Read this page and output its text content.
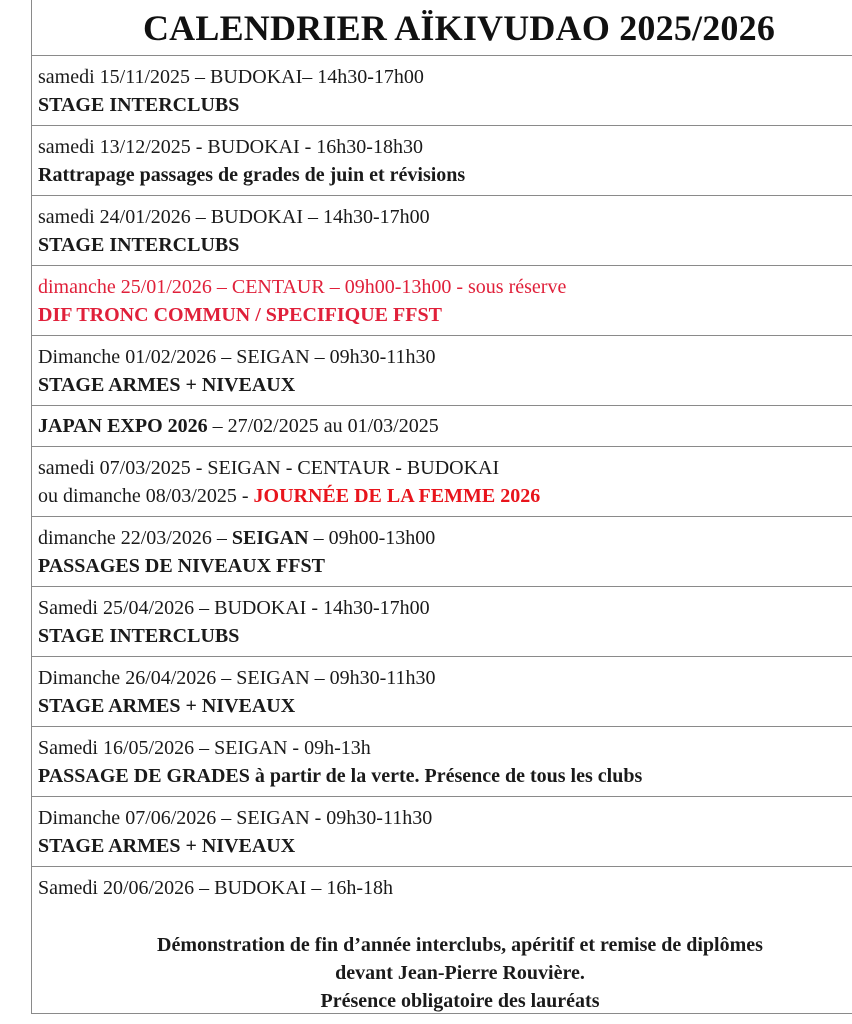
CALENDRIER AÏKIVUDAO 2025/2026
samedi 15/11/2025 – BUDOKAI– 14h30-17h00
STAGE INTERCLUBS
samedi 13/12/2025 - BUDOKAI - 16h30-18h30
Rattrapage passages de grades de juin et révisions
samedi 24/01/2026 – BUDOKAI – 14h30-17h00
STAGE INTERCLUBS
dimanche 25/01/2026 – CENTAUR – 09h00-13h00 - sous réserve
DIF TRONC COMMUN / SPECIFIQUE FFST
Dimanche 01/02/2026 – SEIGAN – 09h30-11h30
STAGE ARMES + NIVEAUX
JAPAN EXPO 2026 – 27/02/2025 au 01/03/2025
samedi 07/03/2025 - SEIGAN - CENTAUR - BUDOKAI
ou dimanche 08/03/2025 - JOURNÉE DE LA FEMME 2026
dimanche 22/03/2026 – SEIGAN – 09h00-13h00
PASSAGES DE NIVEAUX FFST
Samedi 25/04/2026 – BUDOKAI - 14h30-17h00
STAGE INTERCLUBS
Dimanche 26/04/2026 – SEIGAN – 09h30-11h30
STAGE ARMES + NIVEAUX
Samedi 16/05/2026 – SEIGAN - 09h-13h
PASSAGE DE GRADES à partir de la verte. Présence de tous les clubs
Dimanche 07/06/2026 – SEIGAN - 09h30-11h30
STAGE ARMES + NIVEAUX
Samedi 20/06/2026 – BUDOKAI – 16h-18h
Démonstration de fin d’année interclubs, apéritif et remise de diplômes
devant Jean-Pierre Rouvière.
Présence obligatoire des lauréats
